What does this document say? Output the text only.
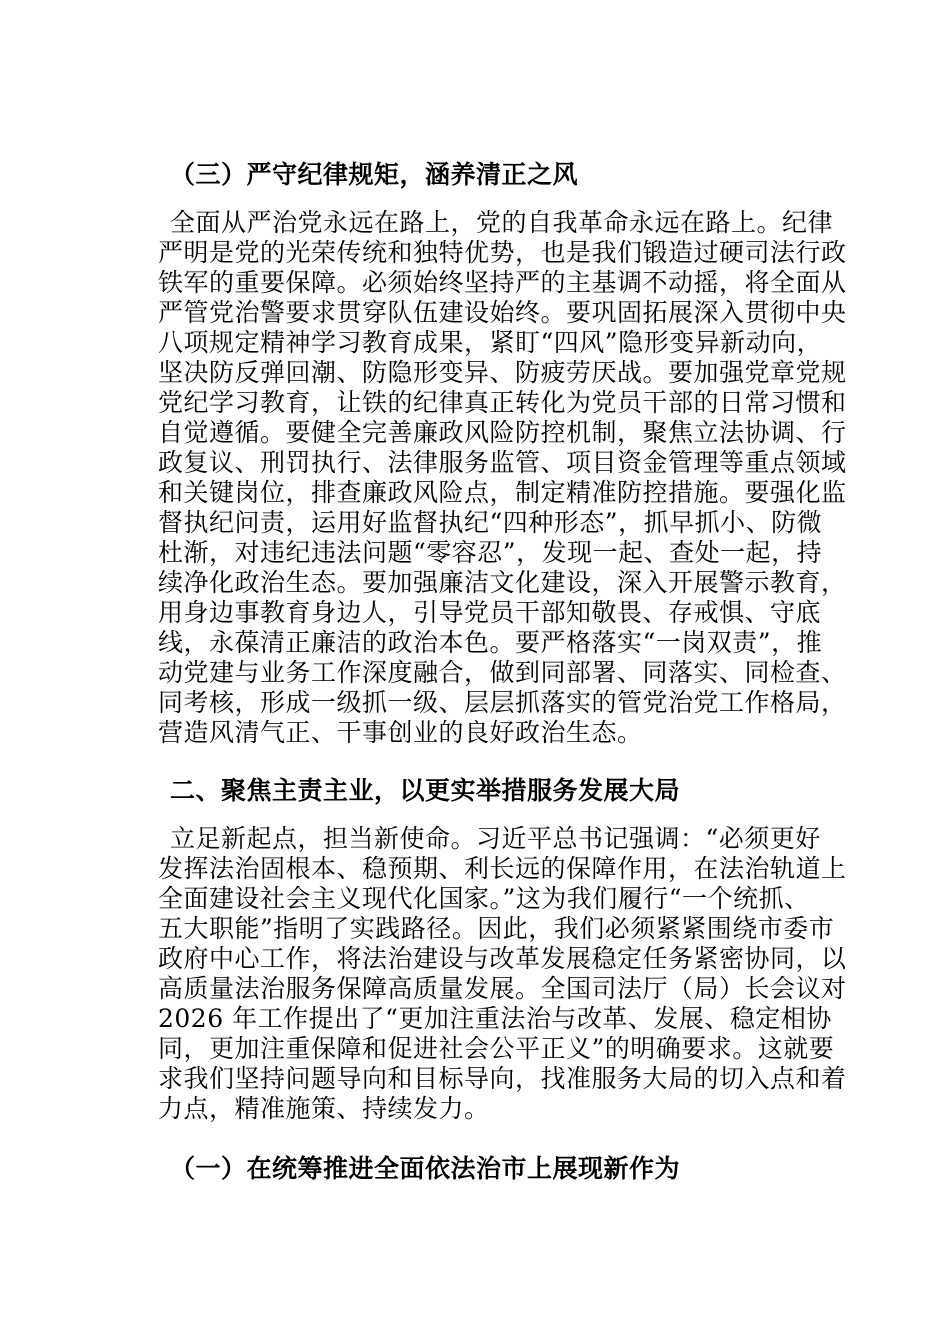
（三）严守纪律规矩，涵养清正之风

全面从严治党永远在路上，党的自我革命永远在路上。纪律
严明是党的光荣传统和独特优势，也是我们锻造过硬司法行政
铁军的重要保障。必须始终坚持严的主基调不动摇，将全面从
严管党治警要求贯穿队伍建设始终。要巩固拓展深入贯彻中央
八项规定精神学习教育成果，紧盯“四风”隐形变异新动向，
坚决防反弹回潮、防隐形变异、防疲劳厌战。要加强党章党规
党纪学习教育，让铁的纪律真正转化为党员干部的日常习惯和
自觉遵循。要健全完善廉政风险防控机制，聚焦立法协调、行
政复议、刑罚执行、法律服务监管、项目资金管理等重点领域
和关键岗位，排查廉政风险点，制定精准防控措施。要强化监
督执纪问责，运用好监督执纪“四种形态”，抓早抓小、防微
杜渐，对违纪违法问题“零容忍”，发现一起、查处一起，持
续净化政治生态。要加强廉洁文化建设，深入开展警示教育，
用身边事教育身边人，引导党员干部知敬畏、存戒惧、守底
线，永葆清正廉洁的政治本色。要严格落实“一岗双责”，推
动党建与业务工作深度融合，做到同部署、同落实、同检查、
同考核，形成一级抓一级、层层抓落实的管党治党工作格局，
营造风清气正、干事创业的良好政治生态。

二、聚焦主责主业，以更实举措服务发展大局

立足新起点，担当新使命。习近平总书记强调：“必须更好
发挥法治固根本、稳预期、利长远的保障作用，在法治轨道上
全面建设社会主义现代化国家。”这为我们履行“一个统抓、
五大职能”指明了实践路径。因此，我们必须紧紧围绕市委市
政府中心工作，将法治建设与改革发展稳定任务紧密协同，以
高质量法治服务保障高质量发展。全国司法厅（局）长会议对
2026 年工作提出了“更加注重法治与改革、发展、稳定相协
同，更加注重保障和促进社会公平正义”的明确要求。这就要
求我们坚持问题导向和目标导向，找准服务大局的切入点和着
力点，精准施策、持续发力。

（一）在统筹推进全面依法治市上展现新作为
